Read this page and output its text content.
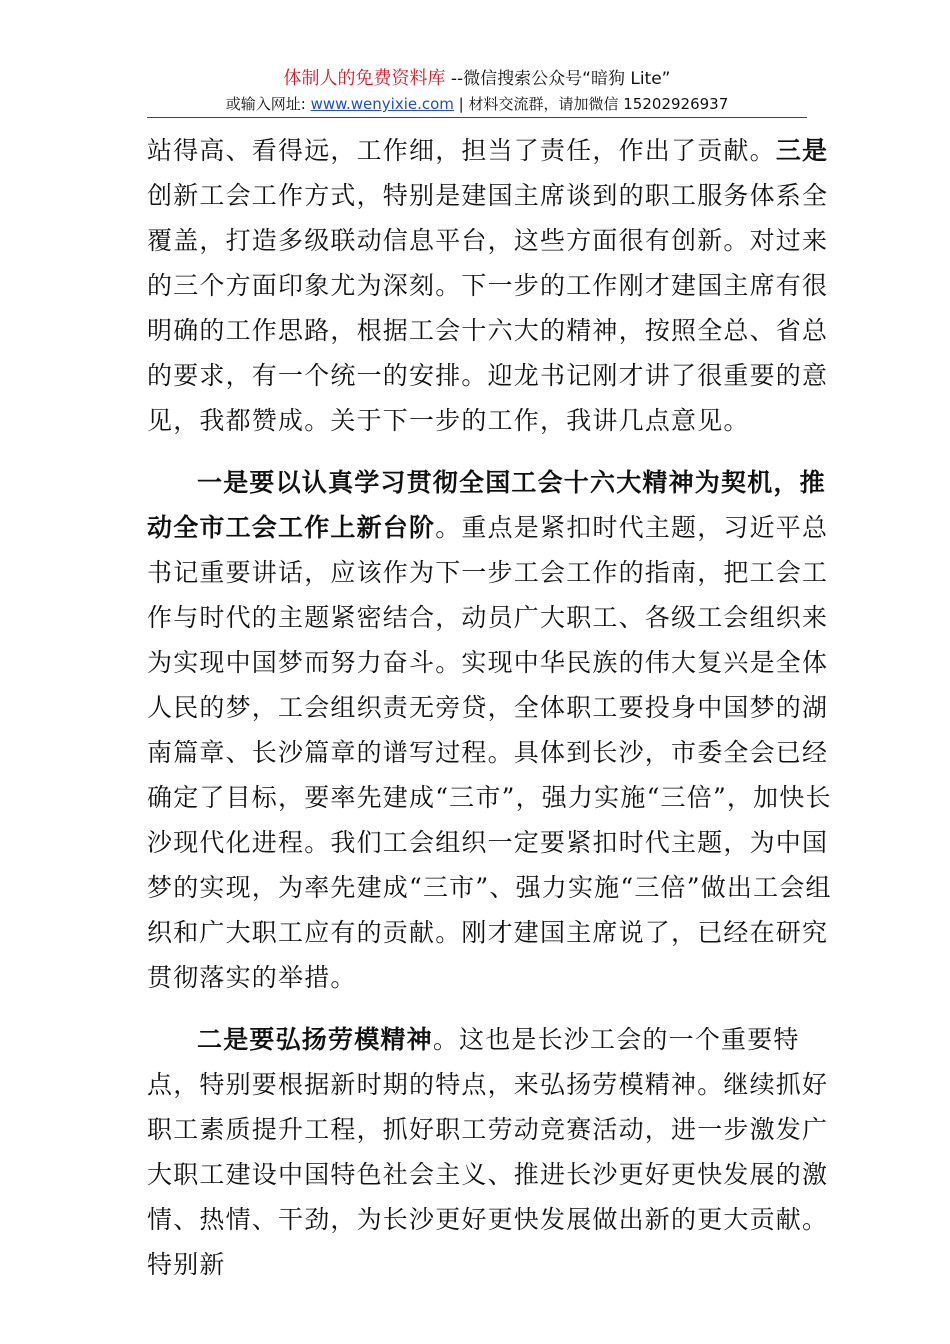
体制人的免费资料库 --微信搜索公众号“暗狗 Lite”
或输入网址: www.wenyixie.com | 材料交流群，请加微信 15202926937

站得高、看得远，工作细，担当了责任，作出了贡献。三是创新工会工作方式，特别是建国主席谈到的职工服务体系全覆盖，打造多级联动信息平台，这些方面很有创新。对过来的三个方面印象尤为深刻。下一步的工作刚才建国主席有很明确的工作思路，根据工会十六大的精神，按照全总、省总的要求，有一个统一的安排。迎龙书记刚才讲了很重要的意见，我都赞成。关于下一步的工作，我讲几点意见。

一是要以认真学习贯彻全国工会十六大精神为契机，推动全市工会工作上新台阶。重点是紧扣时代主题，习近平总书记重要讲话，应该作为下一步工会工作的指南，把工会工作与时代的主题紧密结合，动员广大职工、各级工会组织来为实现中国梦而努力奋斗。实现中华民族的伟大复兴是全体人民的梦，工会组织责无旁贷，全体职工要投身中国梦的湖南篇章、长沙篇章的谱写过程。具体到长沙，市委全会已经确定了目标，要率先建成“三市”，强力实施“三倍”，加快长沙现代化进程。我们工会组织一定要紧扣时代主题，为中国梦的实现，为率先建成“三市”、强力实施“三倍”做出工会组织和广大职工应有的贡献。刚才建国主席说了，已经在研究贯彻落实的举措。

二是要弘扬劳模精神。这也是长沙工会的一个重要特点，特别要根据新时期的特点，来弘扬劳模精神。继续抓好职工素质提升工程，抓好职工劳动竞赛活动，进一步激发广大职工建设中国特色社会主义、推进长沙更好更快发展的激情、热情、干劲，为长沙更好更快发展做出新的更大贡献。特别新
